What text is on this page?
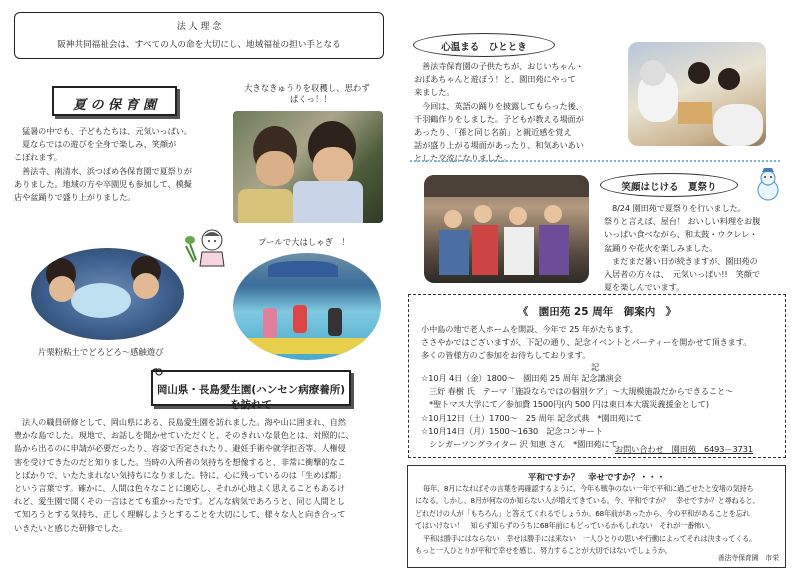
法 人 理 念
阪神共同福祉会は、すべての人の命を大切にし、地域福祉の担い手となる
夏 の 保 育 園
猛暑の中でも、子どもたちは、元気いっぱい。
夏ならではの遊びを全身で楽しみ、笑顔が
こぼれます。
善法寺、南清水、浜つばめ各保育園で夏祭りが
ありました。地域の方や卒園児も参加して、模擬
店や盆踊りで盛り上がりました。
大きなきゅうりを収穫し、思わず
ぱくっ！！
片栗粉粘土でどろどろ～感触遊び
プールで大はしゃぎ　！
岡山県・長島愛生園(ハンセン病療養所)を訪れて
法人の職員研修として、岡山県にある、長島愛生園を訪れました。海や山に囲まれ、自然
豊かな島でした。現地で、お話しを聞かせていただくと、そのきれいな景色とは、対照的に、
島から出るのに申請が必要だったり、容姿で否定されたり、避妊手術や就学拒否等、人権侵
害を受けてきたのだと知りました。当時の入所者の気持ちを想像すると、非常に衝撃的なこ
とばかりで、いたたまれない気持ちになりました。特に、心に残っているのは「生めば都」
という言葉です。確かに、人間は色々なことに適応し、それが心地よく思えることもあるけ
れど、愛生園で聞くその一言はとても重かったです。どんな病気であろうと、同じ人間とし
て知ろうとする気持ち、正しく理解しようとすることを大切にして、様々な人と向き合って
いきたいと感じた研修でした。
心温まる　ひととき
善法寺保育園の子供たちが、おじいちゃん・
おばあちゃんと遊ぼう！と、園田苑にやって
来ました。
今回は、英語の踊りを披露してもらった後、
千羽鶴作りをしました。子どもが教える場面が
あったり、「孫と同じ名前」と親近感を覚え
話が盛り上がる場面があったり、和気あいあい
とした交流になりました。
笑顔はじける　夏祭り
8/24 園田苑で夏祭りを行いました。
祭りと言えば、屋台！ おいしい料理をお腹
いっぱい食べながら、和太鼓・ウクレレ・
盆踊りや花火を楽しみました。
まだまだ暑い日が続きますが、園田苑の
入居者の方々は、　元気いっぱい!!　笑顔で
夏を楽しんでいます。
《　園田苑 25 周年　御案内　》
小中島の地で老人ホームを開設、今年で 25 年がたちます。
ささやかではございますが、下記の通り、記念イベントとパーティーを開かせて頂きます。
多くの皆様方のご参加をお待ちしております。
記
☆10月 4日（金）1800～　園田苑 25 周年 記念講演会
　三好 春樹 氏　テーマ「施設ならではの個別ケア」～大規模施設だからできること～
　*聖トマス大学にて／参加費 1500円(内 500 円は東日本大震災義援金として)
☆10月12日（土）1700～　25 周年 記念式典　*園田苑にて
☆10月14日（月）1500～1630　記念コンサート
　シンガーソングライター 沢 知恵 さん　*園田苑にて
お問い合わせ　園田苑　6493－3731
平和ですか？　幸せですか？・・・
毎年、8月になればその言葉を再確認するように、今年も戦争のない一年で平和に過ごせたと安堵の気持ち
になる。しかし、8月が何なのか知らない人が増えてきている。今、平和ですか？　幸せですか？と尋ねると、
どれだけの人が「もちろん」と答えてくれるでしょうか。68年前があったから、今の平和があることを忘れ
てはいけない！　知らず知らずのうちに68年前にもどっているかもしれない　それが一番怖い。
平和は勝手にはならない　幸せは勝手には来ない　一人ひとりの思いや行動によってそれは決まってくる。
もっと一人ひとりが平和で幸せを感じ、努力することが大切ではないでしょうか。
善法寺保育園　市栄
